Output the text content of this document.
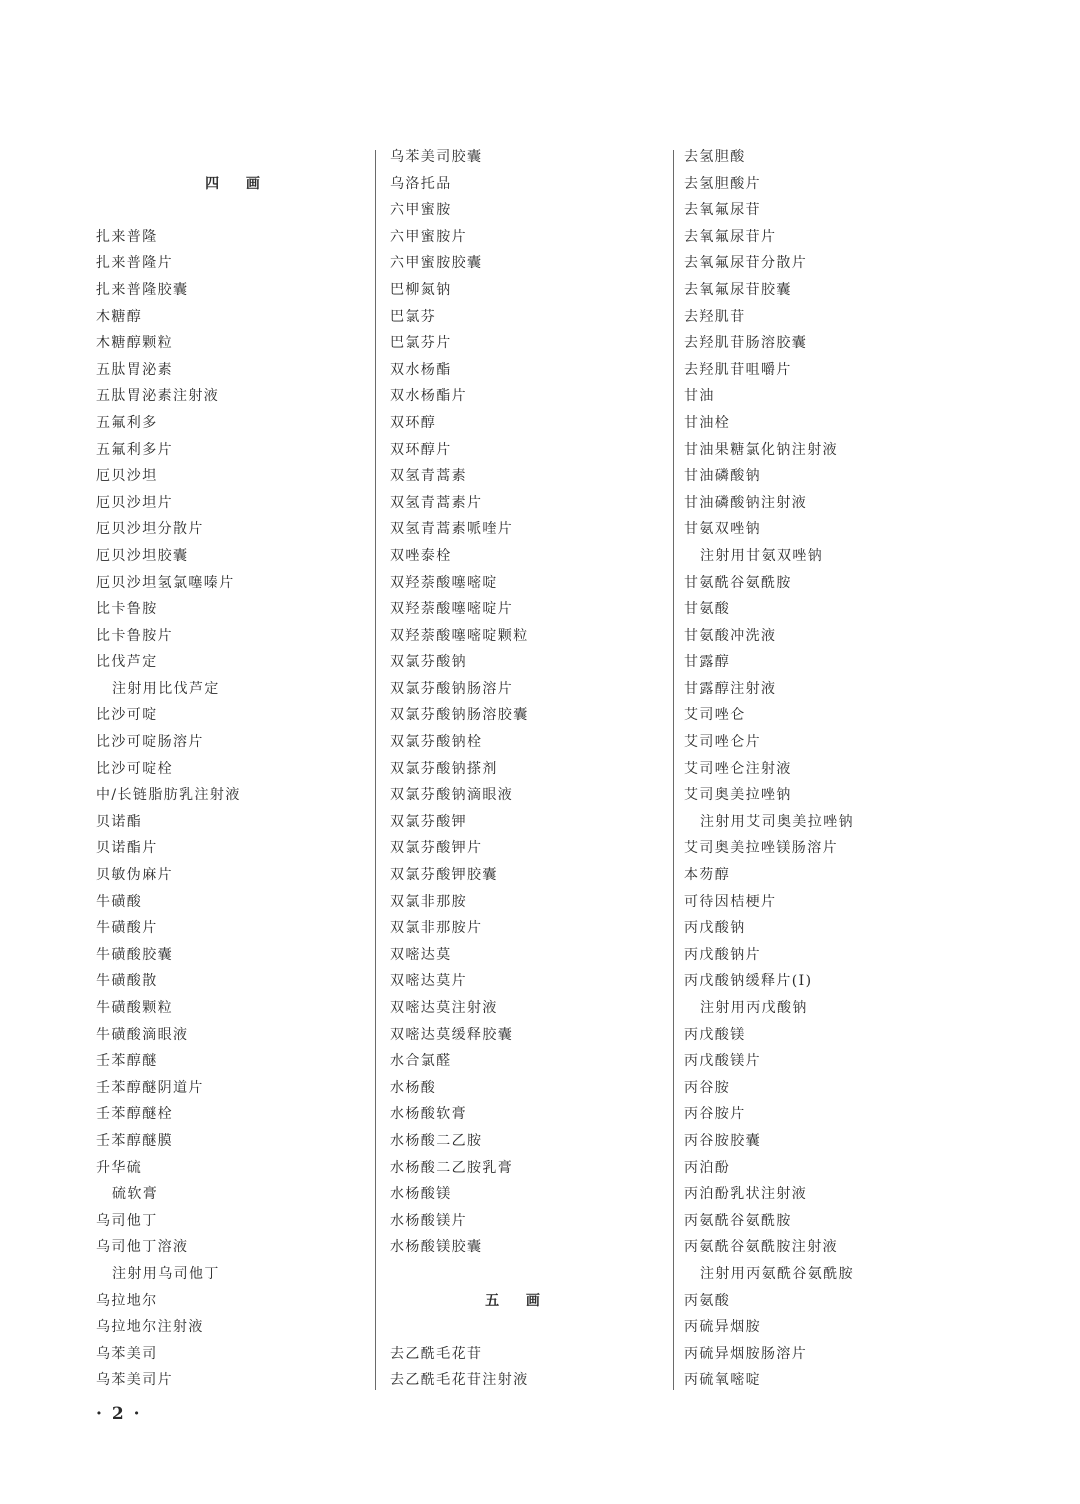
四 画
扎来普隆
扎来普隆片
扎来普隆胶囊
木糖醇
木糖醇颗粒
五肽胃泌素
五肽胃泌素注射液
五氟利多
五氟利多片
厄贝沙坦
厄贝沙坦片
厄贝沙坦分散片
厄贝沙坦胶囊
厄贝沙坦氢氯噻嗪片
比卡鲁胺
比卡鲁胺片
比伐芦定
注射用比伐芦定
比沙可啶
比沙可啶肠溶片
比沙可啶栓
中/长链脂肪乳注射液
贝诺酯
贝诺酯片
贝敏伪麻片
牛磺酸
牛磺酸片
牛磺酸胶囊
牛磺酸散
牛磺酸颗粒
牛磺酸滴眼液
壬苯醇醚
壬苯醇醚阴道片
壬苯醇醚栓
壬苯醇醚膜
升华硫
硫软膏
乌司他丁
乌司他丁溶液
注射用乌司他丁
乌拉地尔
乌拉地尔注射液
乌苯美司
乌苯美司片
乌苯美司胶囊
乌洛托品
六甲蜜胺
六甲蜜胺片
六甲蜜胺胶囊
巴柳氮钠
巴氯芬
巴氯芬片
双水杨酯
双水杨酯片
双环醇
双环醇片
双氢青蒿素
双氢青蒿素片
双氢青蒿素哌喹片
双唑泰栓
双羟萘酸噻嘧啶
双羟萘酸噻嘧啶片
双羟萘酸噻嘧啶颗粒
双氯芬酸钠
双氯芬酸钠肠溶片
双氯芬酸钠肠溶胶囊
双氯芬酸钠栓
双氯芬酸钠搽剂
双氯芬酸钠滴眼液
双氯芬酸钾
双氯芬酸钾片
双氯芬酸钾胶囊
双氯非那胺
双氯非那胺片
双嘧达莫
双嘧达莫片
双嘧达莫注射液
双嘧达莫缓释胶囊
水合氯醛
水杨酸
水杨酸软膏
水杨酸二乙胺
水杨酸二乙胺乳膏
水杨酸镁
水杨酸镁片
水杨酸镁胶囊
五 画
去乙酰毛花苷
去乙酰毛花苷注射液
去氢胆酸
去氢胆酸片
去氧氟尿苷
去氧氟尿苷片
去氧氟尿苷分散片
去氧氟尿苷胶囊
去羟肌苷
去羟肌苷肠溶胶囊
去羟肌苷咀嚼片
甘油
甘油栓
甘油果糖氯化钠注射液
甘油磷酸钠
甘油磷酸钠注射液
甘氨双唑钠
注射用甘氨双唑钠
甘氨酰谷氨酰胺
甘氨酸
甘氨酸冲洗液
甘露醇
甘露醇注射液
艾司唑仑
艾司唑仑片
艾司唑仑注射液
艾司奥美拉唑钠
注射用艾司奥美拉唑钠
艾司奥美拉唑镁肠溶片
本芴醇
可待因桔梗片
丙戊酸钠
丙戊酸钠片
丙戊酸钠缓释片(Ⅰ)
注射用丙戊酸钠
丙戊酸镁
丙戊酸镁片
丙谷胺
丙谷胺片
丙谷胺胶囊
丙泊酚
丙泊酚乳状注射液
丙氨酰谷氨酰胺
丙氨酰谷氨酰胺注射液
注射用丙氨酰谷氨酰胺
丙氨酸
丙硫异烟胺
丙硫异烟胺肠溶片
丙硫氧嘧啶
· 2 ·
